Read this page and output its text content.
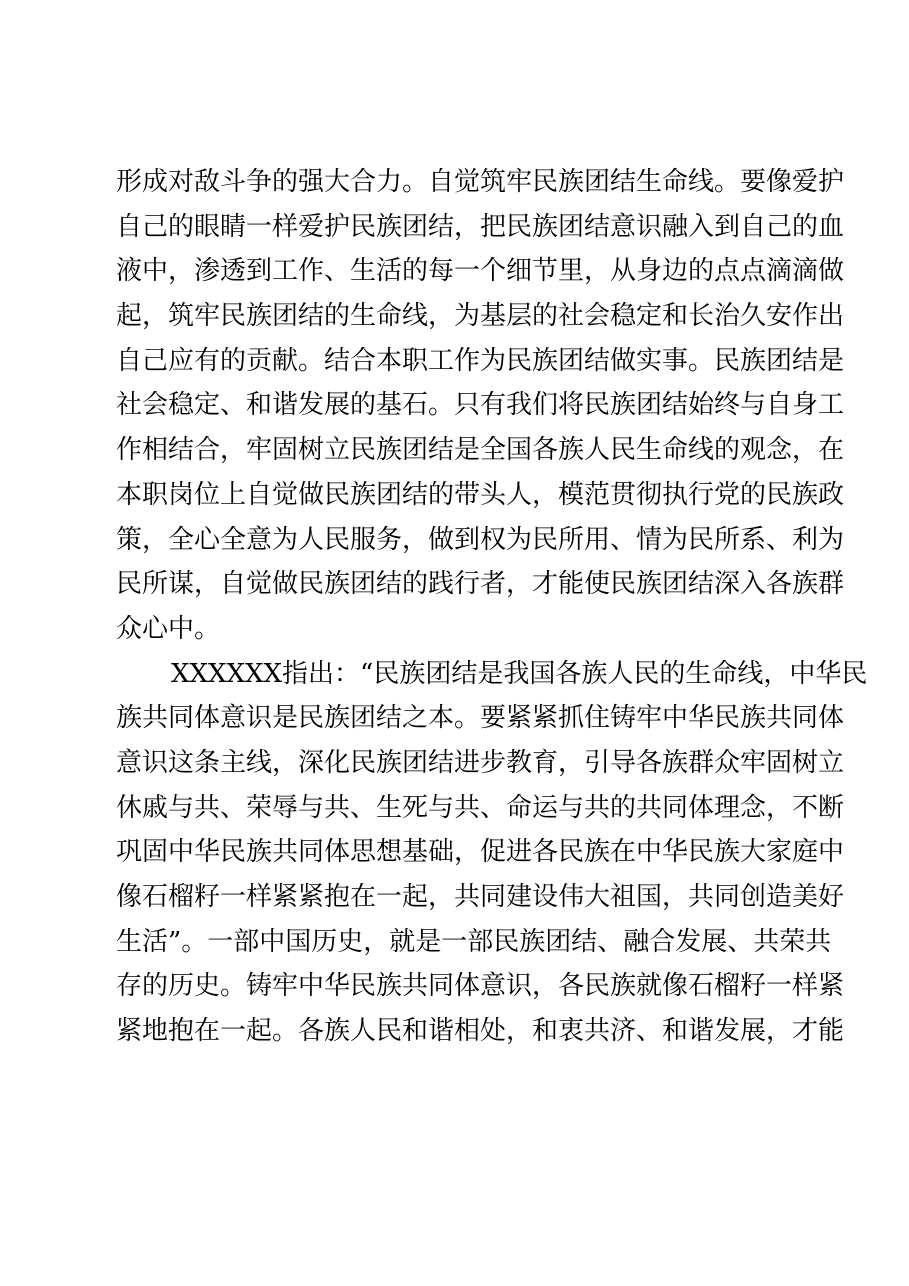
形成对敌斗争的强大合力。自觉筑牢民族团结生命线。要像爱护
自己的眼睛一样爱护民族团结，把民族团结意识融入到自己的血
液中，渗透到工作、生活的每一个细节里，从身边的点点滴滴做
起，筑牢民族团结的生命线，为基层的社会稳定和长治久安作出
自己应有的贡献。结合本职工作为民族团结做实事。民族团结是
社会稳定、和谐发展的基石。只有我们将民族团结始终与自身工
作相结合，牢固树立民族团结是全国各族人民生命线的观念，在
本职岗位上自觉做民族团结的带头人，模范贯彻执行党的民族政
策，全心全意为人民服务，做到权为民所用、情为民所系、利为
民所谋，自觉做民族团结的践行者，才能使民族团结深入各族群
众心中。
XXXXXX指出：“民族团结是我国各族人民的生命线，中华民
族共同体意识是民族团结之本。要紧紧抓住铸牢中华民族共同体
意识这条主线，深化民族团结进步教育，引导各族群众牢固树立
休戚与共、荣辱与共、生死与共、命运与共的共同体理念，不断
巩固中华民族共同体思想基础，促进各民族在中华民族大家庭中
像石榴籽一样紧紧抱在一起，共同建设伟大祖国，共同创造美好
生活”。一部中国历史，就是一部民族团结、融合发展、共荣共
存的历史。铸牢中华民族共同体意识，各民族就像石榴籽一样紧
紧地抱在一起。各族人民和谐相处，和衷共济、和谐发展，才能
